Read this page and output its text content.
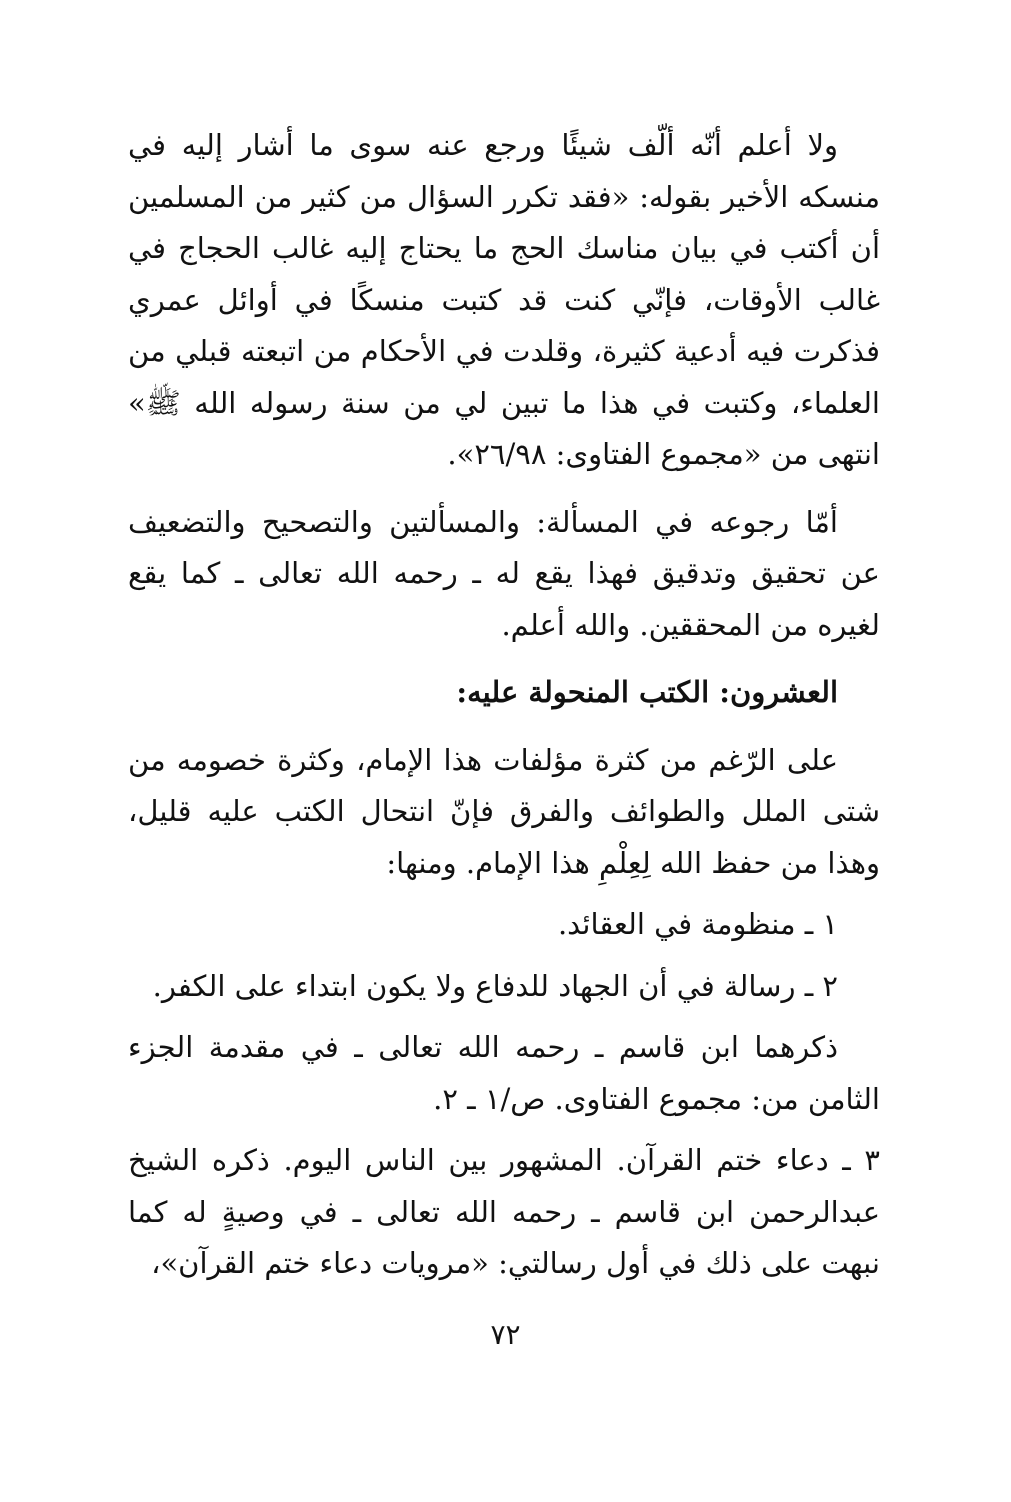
ولا أعلم أنّه ألّف شيئًا ورجع عنه سوى ما أشار إليه في منسكه الأخير بقوله: «فقد تكرر السؤال من كثير من المسلمين أن أكتب في بيان مناسك الحج ما يحتاج إليه غالب الحجاج في غالب الأوقات، فإنّي كنت قد كتبت منسكًا في أوائل عمري فذكرت فيه أدعية كثيرة، وقلدت في الأحكام من اتبعته قبلي من العلماء، وكتبت في هذا ما تبين لي من سنة رسوله الله ﷺ» انتهى من «مجموع الفتاوى: ٢٦/٩٨».

أمّا رجوعه في المسألة: والمسألتين والتصحيح والتضعيف عن تحقيق وتدقيق فهذا يقع له ـ رحمه الله تعالى ـ كما يقع لغيره من المحققين. والله أعلم.

العشرون: الكتب المنحولة عليه:

على الرّغم من كثرة مؤلفات هذا الإمام، وكثرة خصومه من شتى الملل والطوائف والفرق فإنّ انتحال الكتب عليه قليل، وهذا من حفظ الله لِعِلْمِ هذا الإمام. ومنها:

١ ـ منظومة في العقائد.

٢ ـ رسالة في أن الجهاد للدفاع ولا يكون ابتداء على الكفر.

ذكرهما ابن قاسم ـ رحمه الله تعالى ـ في مقدمة الجزء الثامن من: مجموع الفتاوى. ص/١ ـ ٢.

٣ ـ دعاء ختم القرآن. المشهور بين الناس اليوم. ذكره الشيخ عبدالرحمن ابن قاسم ـ رحمه الله تعالى ـ في وصيةٍ له كما نبهت على ذلك في أول رسالتي: «مرويات دعاء ختم القرآن»،

٧٢
